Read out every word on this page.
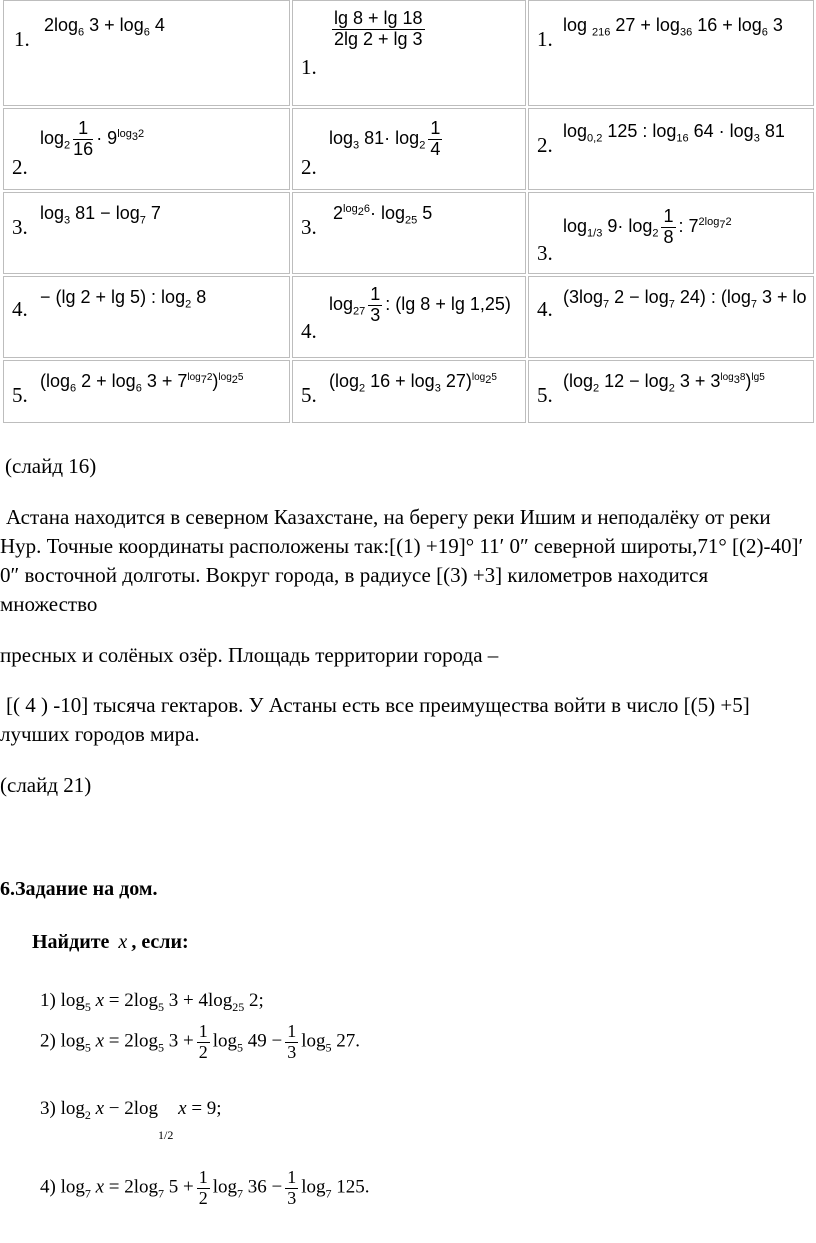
1.
$2\log_6$ $3 + \log_6 4$
1.
$\frac{\lg 8 + \lg 18}{2\lg 2 + \lg 3}$	1.
log $_{216}$ $27 + \log_{36} 16 + \log_6 3$
2.
$\log_2 \frac{1}{16} \cdot 9^{log_32}$
2.
$\log_3 81\cdot \log_2 \frac{1}{4}$	2.
$\log_{0,2} 125$ : $\log_{16} 64 \cdot \log_3 81$
3.
$\log_3 81 - \log_7 7$
3.
$2^{log_26}\cdot \log_{25} 5$
3.
$\log_{1/3} 9\cdot \log_2 \frac{1}{8}$ : $7^{2log_72}$
4. − (lg 2 + lg 5) : $\log_2 8$
4.
$\log_{27} \frac{1}{3}$ : (lg 8 + lg 1,25) 4. ($3\log_7$ $2 - \log_7 24$) : ($\log_7$ 3 + lo
5.
($\log_6$ $2 + \log_6 3 + 7^{log_72})^{log_25}$
5.
($\log_2$ $16 + \log_3 27)^{log_25}$
5.
($\log_2$ $12 - \log_2 3 + 3^{log_38})^{lg5}$
(слайд 16)
Астана находится в северном Казахстане, на берегу реки Ишим и неподалёку от реки Нур. Точные координаты расположены так:[(1) +19]° 11′ 0″ северной широты,71° [(2)-40]′ 0″ восточной долготы. Вокруг города, в радиусе [(3) +3] километров находится множество
пресных и солёных озёр. Площадь территории города –
[( 4 ) -10] тысяча гектаров. У Астаны есть все преимущества войти в число [(5) +5] лучших городов мира.
(слайд 21)
6.Задание на дом.
Найдите x , если:
1) $\log_5 x = 2\log_5$ $3 + 4\log_{25}$ 2;
2) $\log_5 x = 2\log_5$ $3 + \frac{1}{2} \log_5 49 - \frac{1}{3} \log_5 27$.
3) $\log_2 x - 2\log_{1/2}$ x = 9;
4) $\log_7 x = 2\log_7$ $5 + \frac{1}{2} \log_7 36 - \frac{1}{3} \log_7 125$.
